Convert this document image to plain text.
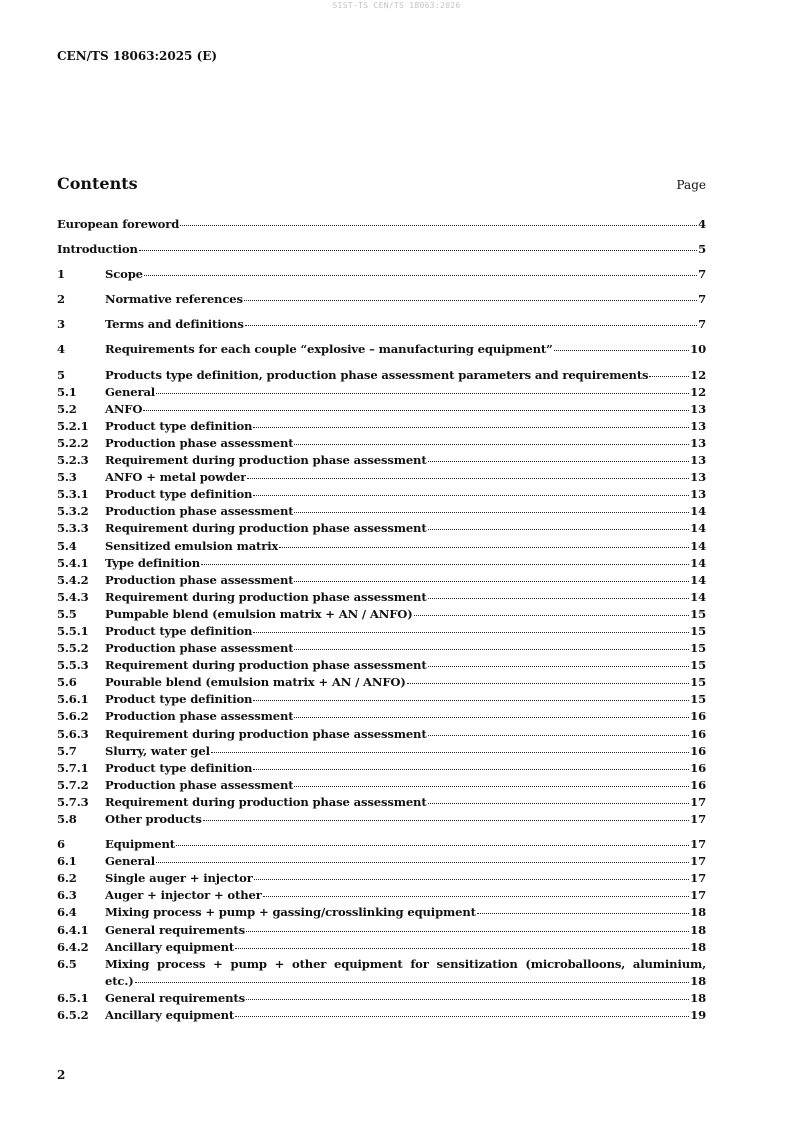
SIST-TS CEN/TS 18063:2026
CEN/TS 18063:2025 (E)
Contents	Page
European foreword	4
Introduction	5
1	Scope	7
2	Normative references	7
3	Terms and definitions	7
4	Requirements for each couple “explosive – manufacturing equipment”	10
5	Products type definition, production phase assessment parameters and requirements	12
5.1	General	12
5.2	ANFO	13
5.2.1	Product type definition	13
5.2.2	Production phase assessment	13
5.2.3	Requirement during production phase assessment	13
5.3	ANFO + metal powder	13
5.3.1	Product type definition	13
5.3.2	Production phase assessment	14
5.3.3	Requirement during production phase assessment	14
5.4	Sensitized emulsion matrix	14
5.4.1	Type definition	14
5.4.2	Production phase assessment	14
5.4.3	Requirement during production phase assessment	14
5.5	Pumpable blend (emulsion matrix + AN / ANFO)	15
5.5.1	Product type definition	15
5.5.2	Production phase assessment	15
5.5.3	Requirement during production phase assessment	15
5.6	Pourable blend (emulsion matrix + AN / ANFO)	15
5.6.1	Product type definition	15
5.6.2	Production phase assessment	16
5.6.3	Requirement during production phase assessment	16
5.7	Slurry, water gel	16
5.7.1	Product type definition	16
5.7.2	Production phase assessment	16
5.7.3	Requirement during production phase assessment	17
5.8	Other products	17
6	Equipment	17
6.1	General	17
6.2	Single auger + injector	17
6.3	Auger + injector + other	17
6.4	Mixing process + pump + gassing/crosslinking equipment	18
6.4.1	General requirements	18
6.4.2	Ancillary equipment	18
6.5	Mixing process + pump + other equipment for sensitization (microballoons, aluminium,
etc.)	18
6.5.1	General requirements	18
6.5.2	Ancillary equipment	19
2
